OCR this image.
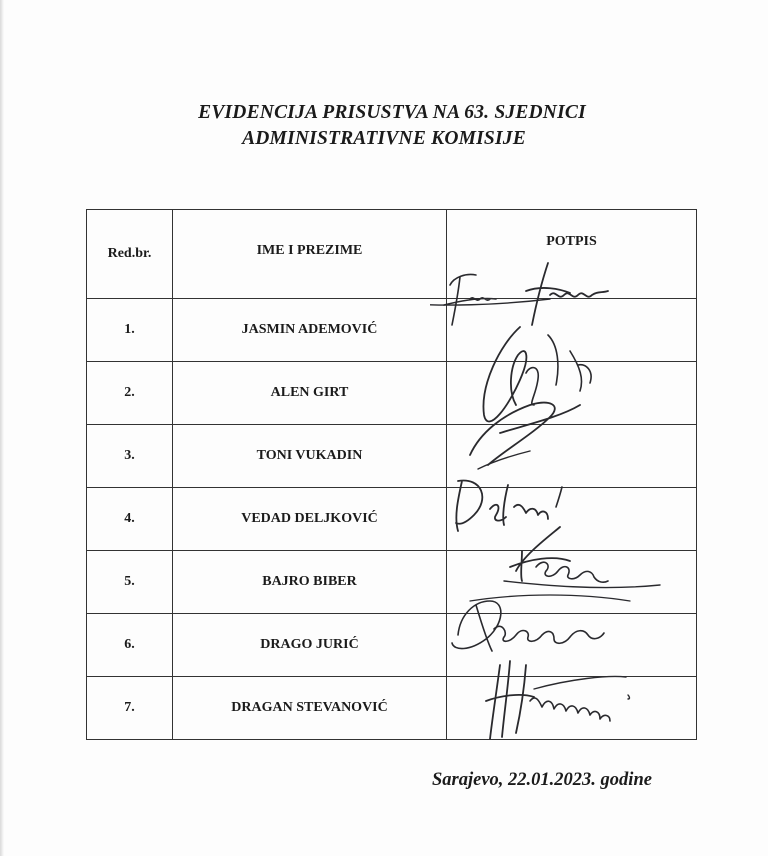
EVIDENCIJA PRISUSTVA NA 63. SJEDNICI
ADMINISTRATIVNE KOMISIJE
Red.br.	IME I PREZIME	POTPIS
1.	JASMIN ADEMOVIĆ	
2.	ALEN GIRT	
3.	TONI VUKADIN	
4.	VEDAD DELJKOVIĆ	
5.	BAJRO BIBER	
6.	DRAGO JURIĆ	
7.	DRAGAN STEVANOVIĆ	
Sarajevo, 22.01.2023. godine
